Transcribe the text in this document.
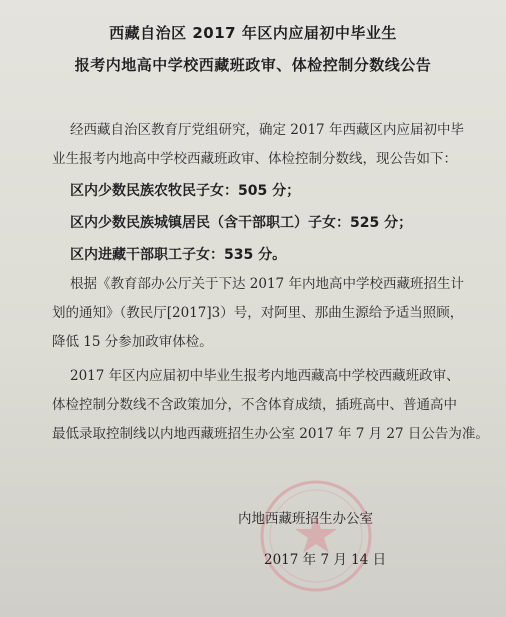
西藏自治区 2017 年区内应届初中毕业生
报考内地高中学校西藏班政审、体检控制分数线公告
经西藏自治区教育厅党组研究，确定 2017 年西藏区内应届初中毕
业生报考内地高中学校西藏班政审、体检控制分数线，现公告如下：
区内少数民族农牧民子女：505 分；
区内少数民族城镇居民（含干部职工）子女：525 分；
区内进藏干部职工子女：535 分。
根据《教育部办公厅关于下达 2017 年内地高中学校西藏班招生计
划的通知》（教民厅[2017]3）号，对阿里、那曲生源给予适当照顾，
降低 15 分参加政审体检。
2017 年区内应届初中毕业生报考内地西藏高中学校西藏班政审、
体检控制分数线不含政策加分，不含体育成绩，插班高中、普通高中
最低录取控制线以内地西藏班招生办公室 2017 年 7 月 27 日公告为准。
内地西藏班招生办公室
2017 年 7 月 14 日
